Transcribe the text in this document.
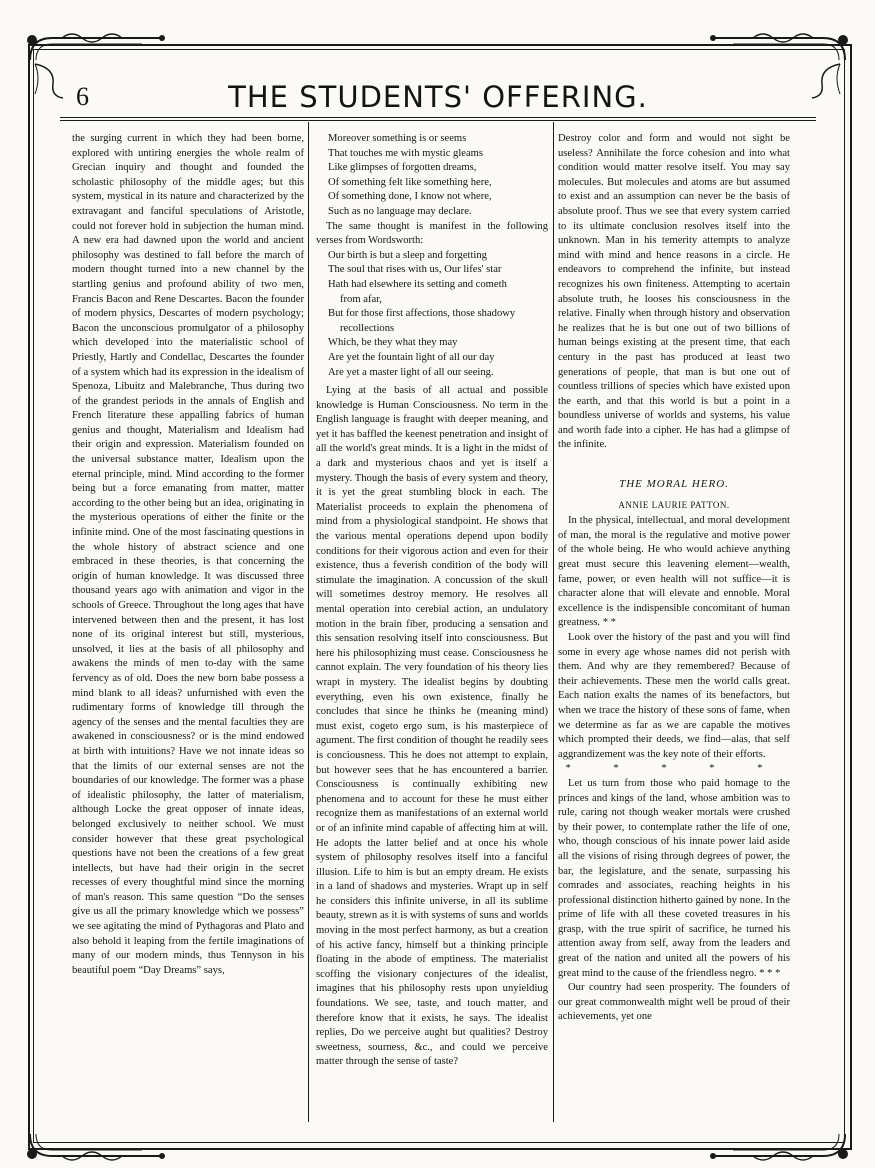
6	THE STUDENTS' OFFERING.

the surging current in which they had been borne, explored with untiring energies the whole realm of Grecian inquiry and thought and founded the scholastic philosophy of the middle ages; but this system, mystical in its nature and characterized by the extravagant and fanciful speculations of Aristotle, could not forever hold in subjection the human mind. A new era had dawned upon the world and ancient philosophy was destined to fall before the march of modern thought turned into a new channel by the startling genius and profound ability of two men, Francis Bacon and Rene Descartes. Bacon the founder of modern physics, Descartes of modern psychology; Bacon the unconscious promulgator of a philosophy which developed into the materialistic school of Priestly, Hartly and Condellac, Descartes the founder of a system which had its expression in the idealism of Spenoza, Libuitz and Malebranche, Thus during two of the grandest periods in the annals of English and French literature these appalling fabrics of human genius and thought, Materialism and Idealism had their origin and expression. Materialism founded on the universal substance matter, Idealism upon the eternal principle, mind. Mind according to the former being but a force emanating from matter, matter according to the other being but an idea, originating in the mysterious operations of either the finite or the infinite mind. One of the most fascinating questions in the whole history of abstract science and one embraced in these theories, is that concerning the origin of human knowledge. It was discussed three thousand years ago with animation and vigor in the schools of Greece. Throughout the long ages that have intervened between then and the present, it has lost none of its original interest but still, mysterious, unsolved, it lies at the basis of all philosophy and awakens the minds of men to-day with the same fervency as of old. Does the new born babe possess a mind blank to all ideas? unfurnished with even the rudimentary forms of knowledge till through the agency of the senses and the mental faculties they are awakened in consciousness? or is the mind endowed at birth with intuitions? Have we not innate ideas so that the limits of our external senses are not the boundaries of our knowledge. The former was a phase of idealistic philosophy, the latter of materialism, although Locke the great opposer of innate ideas, belonged exclusively to neither school. We must consider however that these great psychological questions have not been the creations of a few great intellects, but have had their origin in the secret recesses of every thoughtful mind since the morning of man's reason. This same question “Do the senses give us all the primary knowledge which we possess” we see agitating the mind of Pythagoras and Plato and also behold it leaping from the fertile imaginations of many of our modern minds, thus Tennyson in his beautiful poem “Day Dreams” says,

Moreover something is or seems
That touches me with mystic gleams
Like glimpses of forgotten dreams,
Of something felt like something here,
Of something done, I know not where,
Such as no language may declare.

The same thought is manifest in the following verses from Wordsworth:

Our birth is but a sleep and forgetting
The soul that rises with us, Our lifes' star
Hath had elsewhere its setting and cometh
from afar,
But for those first affections, those shadowy
recollections
Which, be they what they may
Are yet the fountain light of all our day
Are yet a master light of all our seeing.

Lying at the basis of all actual and possible knowledge is Human Consciousness. No term in the English language is fraught with deeper meaning, and yet it has baffled the keenest penetration and insight of all the world's great minds. It is a light in the midst of a dark and mysterious chaos and yet is itself a mystery. Though the basis of every system and theory, it is yet the great stumbling block in each. The Materialist proceeds to explain the phenomena of mind from a physiological standpoint. He shows that the various mental operations depend upon bodily conditions for their vigorous action and even for their existence, thus a feverish condition of the body will stimulate the imagination. A concussion of the skull will sometimes destroy memory. He resolves all mental operation into cerebial action, an undulatory motion in the brain fiber, producing a sensation and this sensation resolving itself into consciousness. But here his philosophizing must cease. Consciousness he cannot explain. The very foundation of his theory lies wrapt in mystery. The idealist begins by doubting everything, even his own existence, finally he concludes that since he thinks he (meaning mind) must exist, cogeto ergo sum, is his masterpiece of agument. The first condition of thought he readily sees is conciousness. This he does not attempt to explain, but however sees that he has encountered a barrier. Consciousness is continually exhibiting new phenomena and to account for these he must either recognize them as manifestations of an external world or of an infinite mind capable of affecting him at will. He adopts the latter belief and at once his whole system of philosophy resolves itself into a fanciful illusion. Life to him is but an empty dream. He exists in a land of shadows and mysteries. Wrapt up in self he considers this infinite universe, in all its sublime beauty, strewn as it is with systems of suns and worlds moving in the most perfect harmony, as but a creation of his active fancy, himself but a thinking principle floating in the abode of emptiness. The materialist scoffing the visionary conjectures of the idealist, imagines that his philosophy rests upon unyieldiug foundations. We see, taste, and touch matter, and therefore know that it exists, he says. The idealist replies, Do we perceive aught but qualities? Destroy sweetness, sourness, &c., and could we perceive matter through the sense of taste?

Destroy color and form and would not sight be useless? Annihilate the force cohesion and into what condition would matter resolve itself. You may say molecules. But molecules and atoms are but assumed to exist and an assumption can never be the basis of absolute proof. Thus we see that every system carried to its ultimate conclusion resolves itself into the unknown. Man in his temerity attempts to analyze mind with mind and hence reasons in a circle. He endeavors to comprehend the infinite, but instead recognizes his own finiteness. Attempting to acertain absolute truth, he looses his consciousness in the relative. Finally when through history and observation he realizes that he is but one out of two billions of human beings existing at the present time, that each century in the past has produced at least two generations of people, that man is but one out of countless trillions of species which have existed upon the earth, and that this world is but a point in a boundless universe of worlds and systems, his value and worth fade into a cipher. He has had a glimpse of the infinite.

THE MORAL HERO.
ANNIE LAURIE PATTON.

In the physical, intellectual, and moral development of man, the moral is the regulative and motive power of the whole being. He who would achieve anything great must secure this leavening element—wealth, fame, power, or even health will not suffice—it is character alone that will elevate and ennoble. Moral excellence is the indispensible concomitant of human greatness. * *

Look over the history of the past and you will find some in every age whose names did not perish with them. And why are they remembered? Because of their achievements. These men the world calls great. Each nation exalts the names of its benefactors, but when we trace the history of these sons of fame, when we determine as far as we are capable the motives which prompted their deeds, we find—alas, that self aggrandizement was the key note of their efforts.

* * * * *

Let us turn from those who paid homage to the princes and kings of the land, whose ambition was to rule, caring not though weaker mortals were crushed by their power, to contemplate rather the life of one, who, though conscious of his innate power laid aside all the visions of rising through degrees of power, the bar, the legislature, and the senate, surpassing his comrades and associates, reaching heights in his professional distinction hitherto gained by none. In the prime of life with all these coveted treasures in his grasp, with the true spirit of sacrifice, he turned his attention away from self, away from the leaders and great of the nation and united all the powers of his great mind to the cause of the friendless negro. * * *

Our country had seen prosperity. The founders of our great commonwealth might well be proud of their achievements, yet one
